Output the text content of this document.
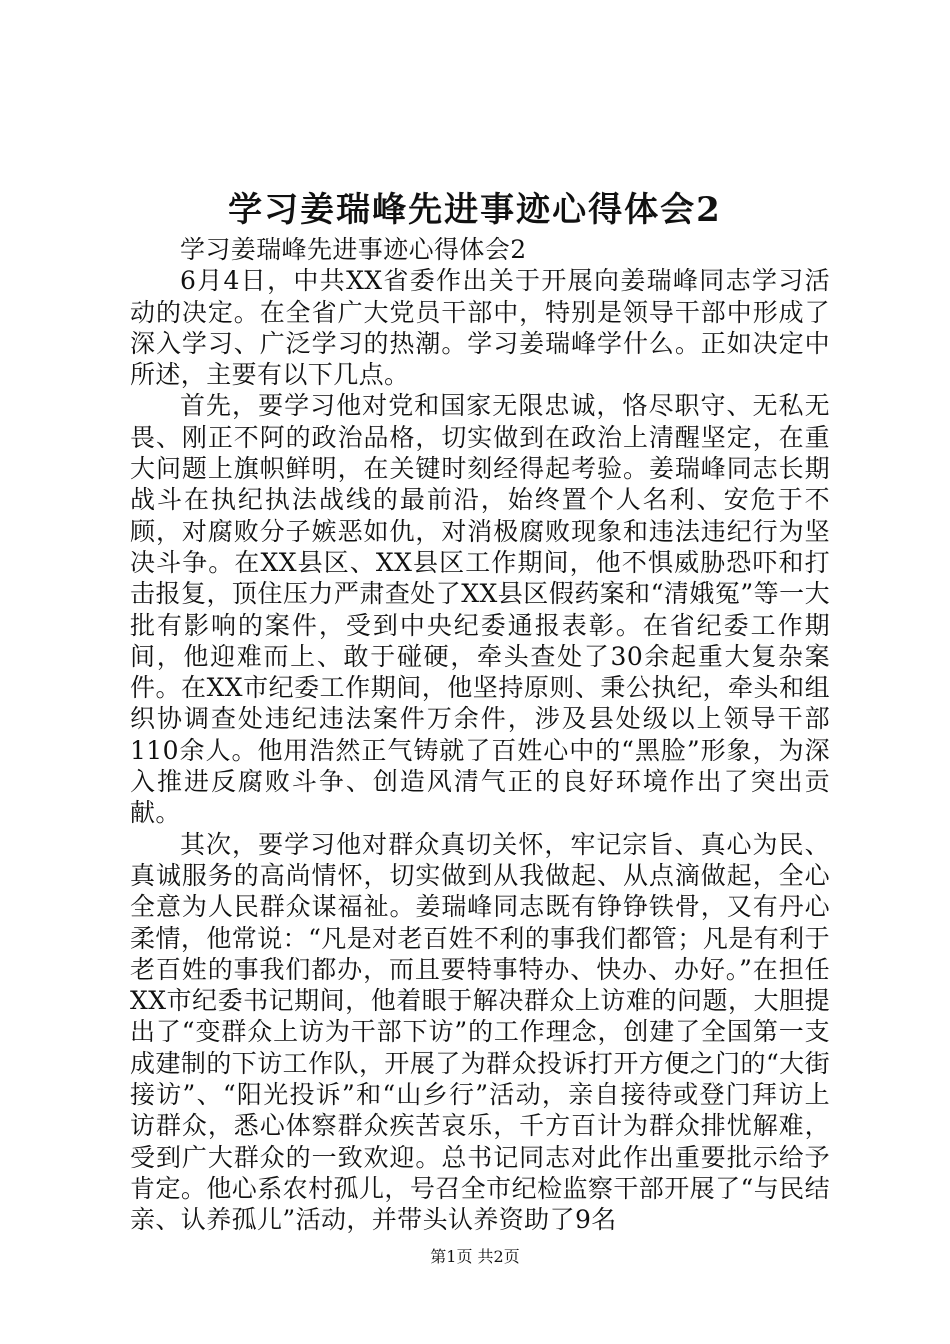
学习姜瑞峰先进事迹心得体会2

学习姜瑞峰先进事迹心得体会2

6月4日，中共XX省委作出关于开展向姜瑞峰同志学习活动的决定。在全省广大党员干部中，特别是领导干部中形成了深入学习、广泛学习的热潮。学习姜瑞峰学什么。正如决定中所述，主要有以下几点。

首先，要学习他对党和国家无限忠诚，恪尽职守、无私无畏、刚正不阿的政治品格，切实做到在政治上清醒坚定，在重大问题上旗帜鲜明，在关键时刻经得起考验。姜瑞峰同志长期战斗在执纪执法战线的最前沿，始终置个人名利、安危于不顾，对腐败分子嫉恶如仇，对消极腐败现象和违法违纪行为坚决斗争。在XX县区、XX县区工作期间，他不惧威胁恐吓和打击报复，顶住压力严肃查处了XX县区假药案和“清娥冤”等一大批有影响的案件，受到中央纪委通报表彰。在省纪委工作期间，他迎难而上、敢于碰硬，牵头查处了30余起重大复杂案件。在XX市纪委工作期间，他坚持原则、秉公执纪，牵头和组织协调查处违纪违法案件万余件，涉及县处级以上领导干部110余人。他用浩然正气铸就了百姓心中的“黑脸”形象，为深入推进反腐败斗争、创造风清气正的良好环境作出了突出贡献。

其次，要学习他对群众真切关怀，牢记宗旨、真心为民、真诚服务的高尚情怀，切实做到从我做起、从点滴做起，全心全意为人民群众谋福祉。姜瑞峰同志既有铮铮铁骨，又有丹心柔情，他常说：“凡是对老百姓不利的事我们都管；凡是有利于老百姓的事我们都办，而且要特事特办、快办、办好。”在担任XX市纪委书记期间，他着眼于解决群众上访难的问题，大胆提出了“变群众上访为干部下访”的工作理念，创建了全国第一支成建制的下访工作队，开展了为群众投诉打开方便之门的“大街接访”、“阳光投诉”和“山乡行”活动，亲自接待或登门拜访上访群众，悉心体察群众疾苦哀乐，千方百计为群众排忧解难，受到广大群众的一致欢迎。总书记同志对此作出重要批示给予肯定。他心系农村孤儿，号召全市纪检监察干部开展了“与民结亲、认养孤儿”活动，并带头认养资助了9名

第1页 共2页
